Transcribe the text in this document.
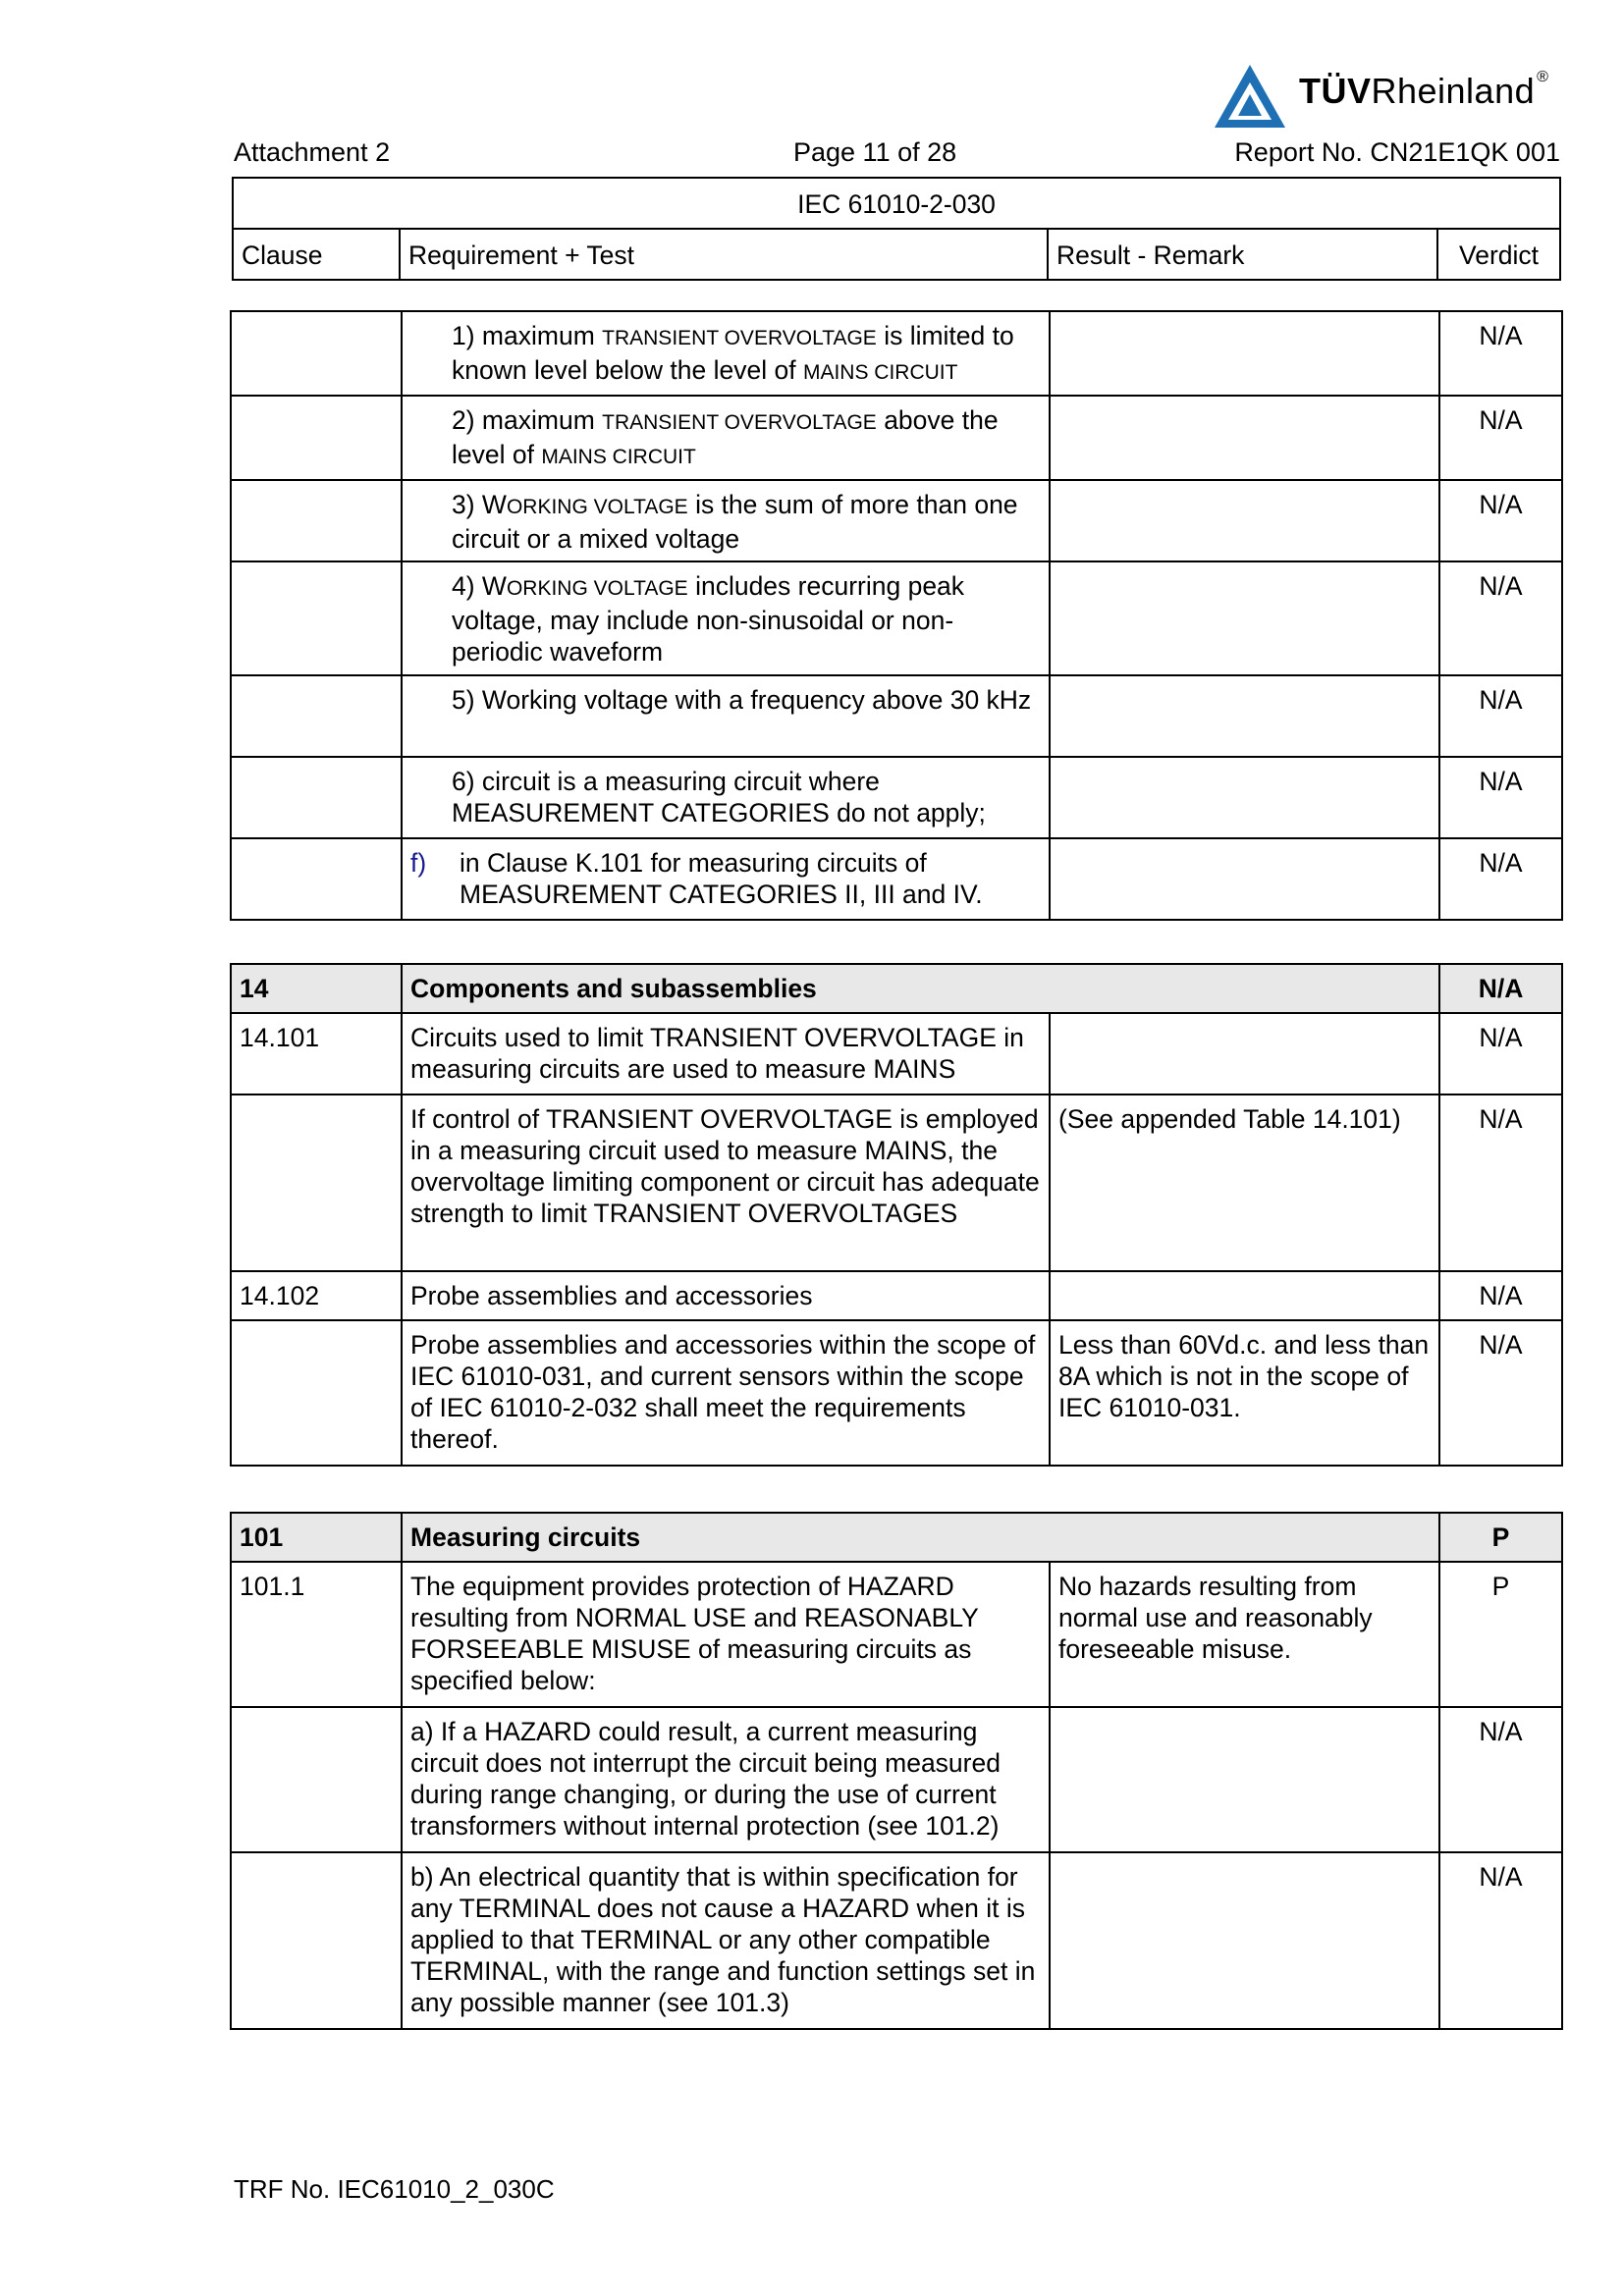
TÜVRheinland ®
Attachment 2	Page 11 of 28	Report No. CN21E1QK 001
IEC 61010-2-030
Clause	Requirement + Test	Result - Remark	Verdict
	1) maximum TRANSIENT OVERVOLTAGE is limited to known level below the level of MAINS CIRCUIT		N/A
	2) maximum TRANSIENT OVERVOLTAGE above the level of MAINS CIRCUIT		N/A
	3) WORKING VOLTAGE is the sum of more than one circuit or a mixed voltage		N/A
	4) WORKING VOLTAGE includes recurring peak voltage, may include non-sinusoidal or non-periodic waveform		N/A
	5) Working voltage with a frequency above 30 kHz		N/A
	6) circuit is a measuring circuit where MEASUREMENT CATEGORIES do not apply;		N/A

	f) in Clause K.101 for measuring circuits of MEASUREMENT CATEGORIES II, III and IV.		N/A
14	Components and subassemblies		N/A
14.101	Circuits used to limit TRANSIENT OVERVOLTAGE in measuring circuits are used to measure MAINS		N/A
	If control of TRANSIENT OVERVOLTAGE is employed in a measuring circuit used to measure MAINS, the overvoltage limiting component or circuit has adequate strength to limit TRANSIENT OVERVOLTAGES	(See appended Table 14.101)	N/A
14.102	Probe assemblies and accessories		N/A
	Probe assemblies and accessories within the scope of IEC 61010-031, and current sensors within the scope of IEC 61010-2-032 shall meet the requirements thereof.	Less than 60Vd.c. and less than 8A which is not in the scope of IEC 61010-031.	N/A
101	Measuring circuits		P
101.1	The equipment provides protection of HAZARD resulting from NORMAL USE and REASONABLY FORSEEABLE MISUSE of measuring circuits as specified below:	No hazards resulting from normal use and reasonably foreseeable misuse.	P
	a) If a HAZARD could result, a current measuring circuit does not interrupt the circuit being measured during range changing, or during the use of current transformers without internal protection (see 101.2)		N/A
	b) An electrical quantity that is within specification for any TERMINAL does not cause a HAZARD when it is applied to that TERMINAL or any other compatible TERMINAL, with the range and function settings set in any possible manner (see 101.3)		N/A
TRF No. IEC61010_2_030C
